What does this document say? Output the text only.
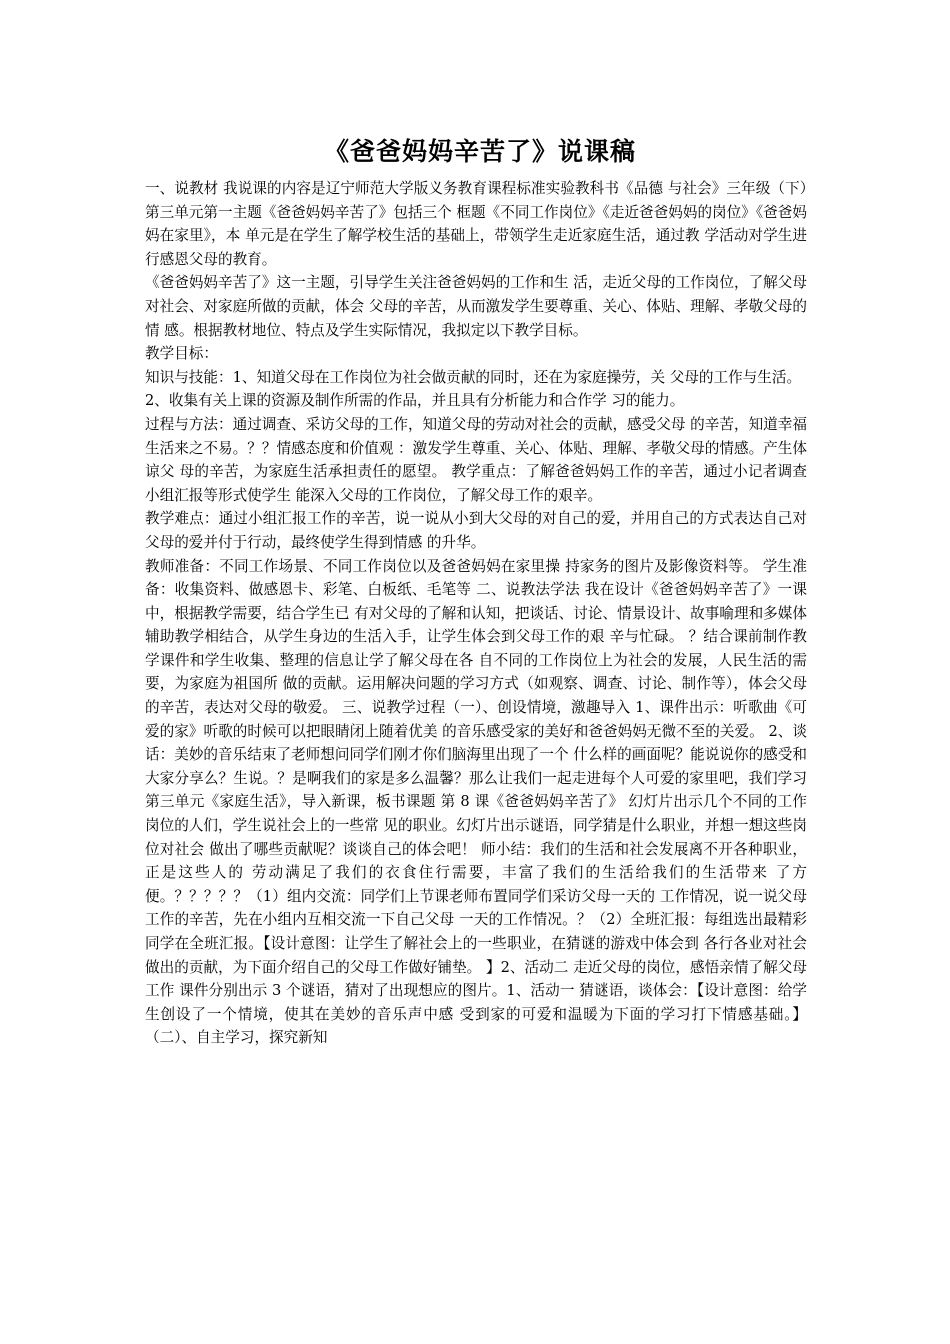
《爸爸妈妈辛苦了》说课稿

一、说教材 我说课的内容是辽宁师范大学版义务教育课程标准实验教科书《品德 与社会》三年级（下）第三单元第一主题《爸爸妈妈辛苦了》包括三个 框题《不同工作岗位》《走近爸爸妈妈的岗位》《爸爸妈妈在家里》，本 单元是在学生了解学校生活的基础上，带领学生走近家庭生活，通过教 学活动对学生进行感恩父母的教育。

《爸爸妈妈辛苦了》这一主题，引导学生关注爸爸妈妈的工作和生 活，走近父母的工作岗位，了解父母对社会、对家庭所做的贡献，体会 父母的辛苦，从而激发学生要尊重、关心、体贴、理解、孝敬父母的情 感。根据教材地位、特点及学生实际情况，我拟定以下教学目标。

教学目标：

知识与技能：1、知道父母在工作岗位为社会做贡献的同时，还在为家庭操劳，关 父母的工作与生活。

2、收集有关上课的资源及制作所需的作品，并且具有分析能力和合作学 习的能力。

过程与方法：通过调查、采访父母的工作，知道父母的劳动对社会的贡献，感受父母 的辛苦，知道幸福生活来之不易。？？情感态度和价值观 ：激发学生尊重、关心、体贴、理解、孝敬父母的情感。产生体谅父 母的辛苦，为家庭生活承担责任的愿望。 教学重点：了解爸爸妈妈工作的辛苦，通过小记者调查小组汇报等形式使学生 能深入父母的工作岗位，了解父母工作的艰辛。

教学难点：通过小组汇报工作的辛苦，说一说从小到大父母的对自己的爱，并用自己的方式表达自己对父母的爱并付于行动，最终使学生得到情感 的升华。

教师准备：不同工作场景、不同工作岗位以及爸爸妈妈在家里操 持家务的图片及影像资料等。 学生准备：收集资料、做感恩卡、彩笔、白板纸、毛笔等 二、说教法学法 我在设计《爸爸妈妈辛苦了》一课中，根据教学需要，结合学生已 有对父母的了解和认知，把谈话、讨论、情景设计、故事喻理和多媒体 辅助教学相结合，从学生身边的生活入手，让学生体会到父母工作的艰 辛与忙碌。 ？结合课前制作教学课件和学生收集、整理的信息让学了解父母在各 自不同的工作岗位上为社会的发展，人民生活的需要，为家庭为祖国所 做的贡献。运用解决问题的学习方式（如观察、调查、讨论、制作等），体会父母的辛苦，表达对父母的敬爱。 三、说教学过程（一）、创设情境，激趣导入 1、课件出示：听歌曲《可爱的家》听歌的时候可以把眼睛闭上随着优美 的音乐感受家的美好和爸爸妈妈无微不至的关爱。 2、谈话：美妙的音乐结束了老师想问同学们刚才你们脑海里出现了一个 什么样的画面呢？能说说你的感受和大家分享么？生说。？是啊我们的家是多么温馨？那么让我们一起走进每个人可爱的家里吧，我们学习第三单元《家庭生活》，导入新课，板书课题 第 8 课《爸爸妈妈辛苦了》 幻灯片出示几个不同的工作岗位的人们，学生说社会上的一些常 见的职业。幻灯片出示谜语，同学猜是什么职业，并想一想这些岗位对社会 做出了哪些贡献呢？谈谈自己的体会吧！ 师小结：我们的生活和社会发展离不开各种职业，正是这些人的 劳动满足了我们的衣食住行需要，丰富了我们的生活给我们的生活带来 了方便。？？？？？（1）组内交流：同学们上节课老师布置同学们采访父母一天的 工作情况，说一说父母工作的辛苦，先在小组内互相交流一下自己父母 一天的工作情况。？（2）全班汇报：每组选出最精彩同学在全班汇报。【设计意图：让学生了解社会上的一些职业，在猜谜的游戏中体会到 各行各业对社会做出的贡献，为下面介绍自己的父母工作做好铺垫。 】2、活动二 走近父母的岗位，感悟亲情了解父母工作 课件分别出示 3 个谜语，猜对了出现想应的图片。1、活动一 猜谜语，谈体会：【设计意图：给学生创设了一个情境，使其在美妙的音乐声中感 受到家的可爱和温暖为下面的学习打下情感基础。】（二）、自主学习，探究新知
